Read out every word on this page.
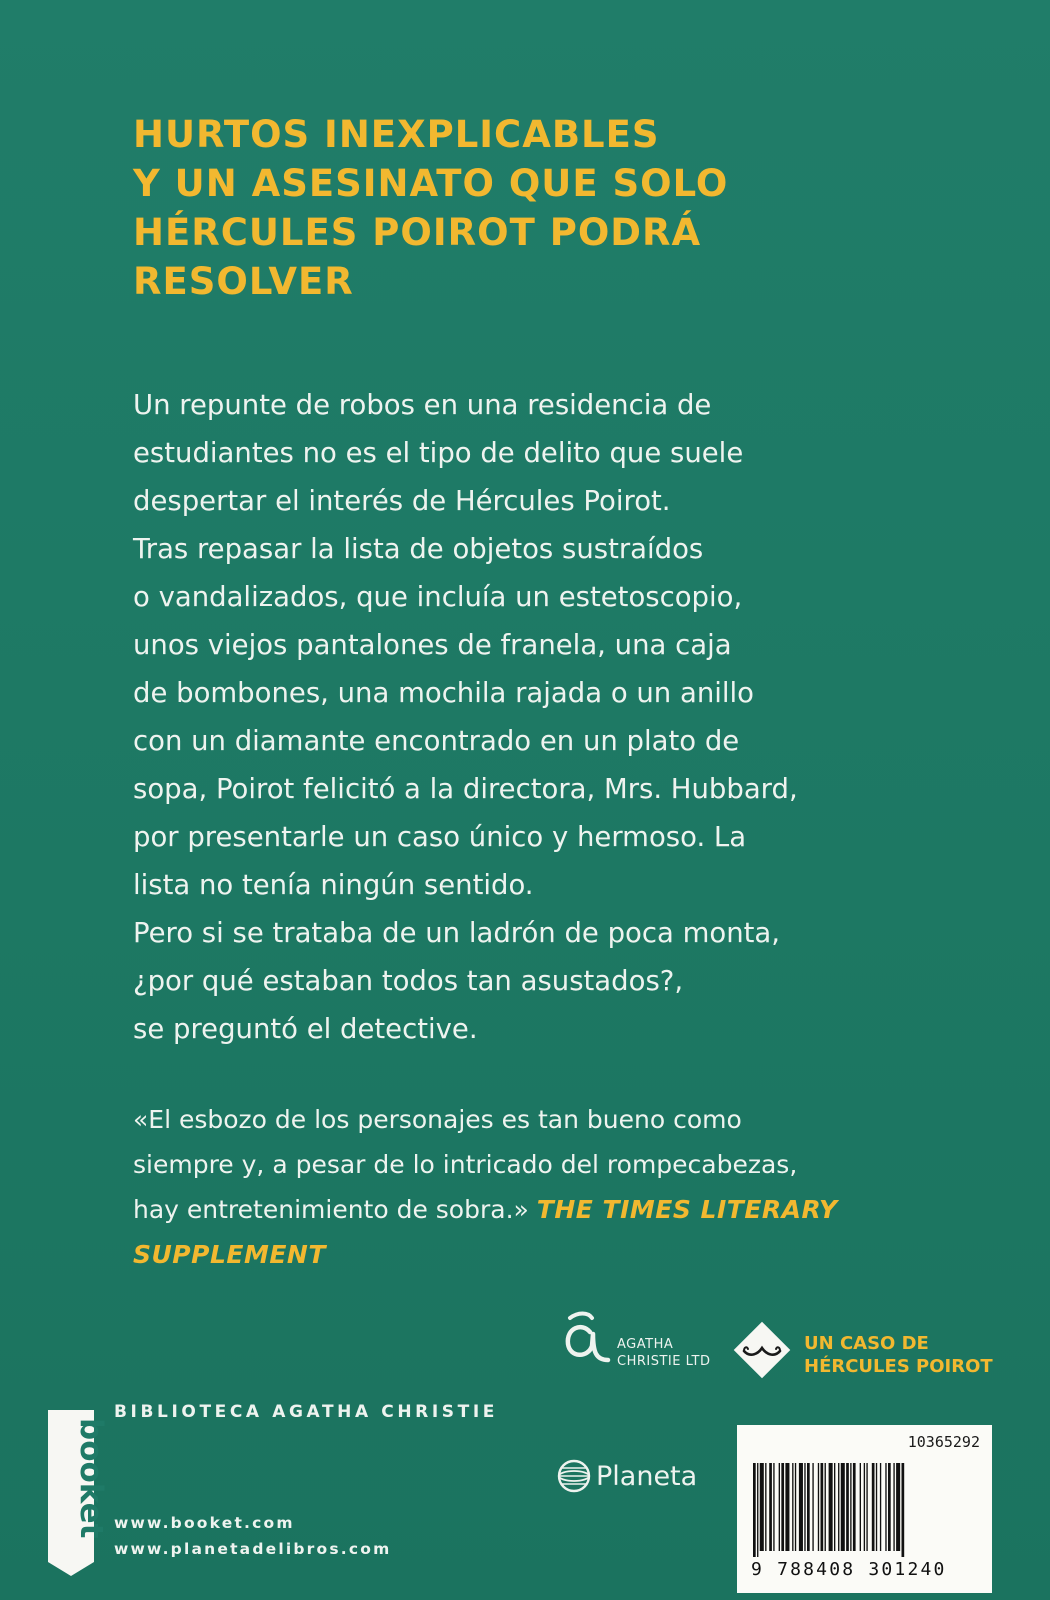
HURTOS INEXPLICABLES
Y UN ASESINATO QUE SOLO
HÉRCULES POIROT PODRÁ
RESOLVER

Un repunte de robos en una residencia de
estudiantes no es el tipo de delito que suele
despertar el interés de Hércules Poirot.
Tras repasar la lista de objetos sustraídos
o vandalizados, que incluía un estetoscopio,
unos viejos pantalones de franela, una caja
de bombones, una mochila rajada o un anillo
con un diamante encontrado en un plato de
sopa, Poirot felicitó a la directora, Mrs. Hubbard,
por presentarle un caso único y hermoso. La
lista no tenía ningún sentido.
Pero si se trataba de un ladrón de poca monta,
¿por qué estaban todos tan asustados?,
se preguntó el detective.

«El esbozo de los personajes es tan bueno como
siempre y, a pesar de lo intricado del rompecabezas,
hay entretenimiento de sobra.» THE TIMES LITERARY
SUPPLEMENT

AGATHA
CHRISTIE LTD
UN CASO DE
HÉRCULES POIROT
booket
BIBLIOTECA AGATHA CHRISTIE
www.booket.com
www.planetadelibros.com
Planeta
10365292
9 788408 301240
